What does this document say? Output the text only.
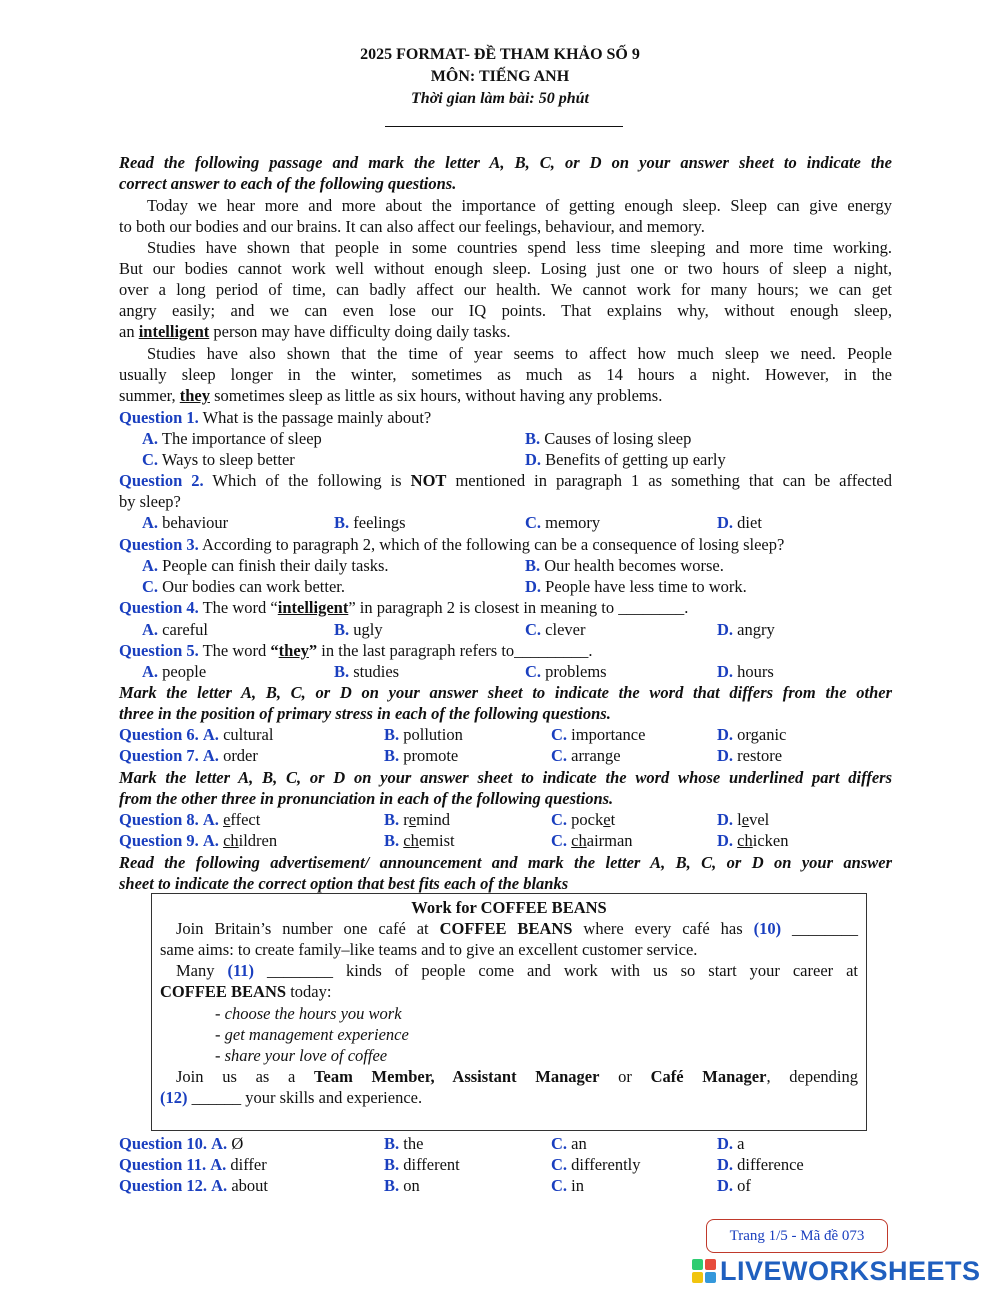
2025 FORMAT- ĐỀ THAM KHẢO SỐ 9
MÔN: TIẾNG ANH
Thời gian làm bài: 50 phút
Read the following passage and mark the letter A, B, C, or D on your answer sheet to indicate the
correct answer to each of the following questions.
Today we hear more and more about the importance of getting enough sleep. Sleep can give energy
to both our bodies and our brains. It can also affect our feelings, behaviour, and memory.
Studies have shown that people in some countries spend less time sleeping and more time working.
But our bodies cannot work well without enough sleep. Losing just one or two hours of sleep a night,
over a long period of time, can badly affect our health. We cannot work for many hours; we can get
angry easily; and we can even lose our IQ points. That explains why, without enough sleep,
an intelligent person may have difficulty doing daily tasks.
Studies have also shown that the time of year seems to affect how much sleep we need. People
usually sleep longer in the winter, sometimes as much as 14 hours a night. However, in the
summer, they sometimes sleep as little as six hours, without having any problems.
Question 1. What is the passage mainly about?
A. The importance of sleep	B. Causes of losing sleep
C. Ways to sleep better	D. Benefits of getting up early
Question 2. Which of the following is NOT mentioned in paragraph 1 as something that can be affected
by sleep?
A. behaviour	B. feelings	C. memory	D. diet
Question 3. According to paragraph 2, which of the following can be a consequence of losing sleep?
A. People can finish their daily tasks.	B. Our health becomes worse.
C. Our bodies can work better.	D. People have less time to work.
Question 4. The word “intelligent” in paragraph 2 is closest in meaning to ________.
A. careful	B. ugly	C. clever	D. angry
Question 5. The word “they” in the last paragraph refers to_________.
A. people	B. studies	C. problems	D. hours
Mark the letter A, B, C, or D on your answer sheet to indicate the word that differs from the other
three in the position of primary stress in each of the following questions.
Question 6. A. cultural	B. pollution	C. importance	D. organic
Question 7. A. order	B. promote	C. arrange	D. restore
Mark the letter A, B, C, or D on your answer sheet to indicate the word whose underlined part differs
from the other three in pronunciation in each of the following questions.
Question 8. A. effect	B. remind	C. pocket	D. level
Question 9. A. children	B. chemist	C. chairman	D. chicken
Read the following advertisement/ announcement and mark the letter A, B, C, or D on your answer
sheet to indicate the correct option that best fits each of the blanks
Work for COFFEE BEANS
Join Britain’s number one café at COFFEE BEANS where every café has (10) ________
same aims: to create family–like teams and to give an excellent customer service.
Many (11) ________ kinds of people come and work with us so start your career at
COFFEE BEANS today:
- choose the hours you work
- get management experience
- share your love of coffee
Join us as a Team Member, Assistant Manager or Café Manager, depending
(12) ______ your skills and experience.
Question 10. A. Ø	B. the	C. an	D. a
Question 11. A. differ	B. different	C. differently	D. difference
Question 12. A. about	B. on	C. in	D. of
Trang 1/5 - Mã đề 073
LIVEWORKSHEETS
